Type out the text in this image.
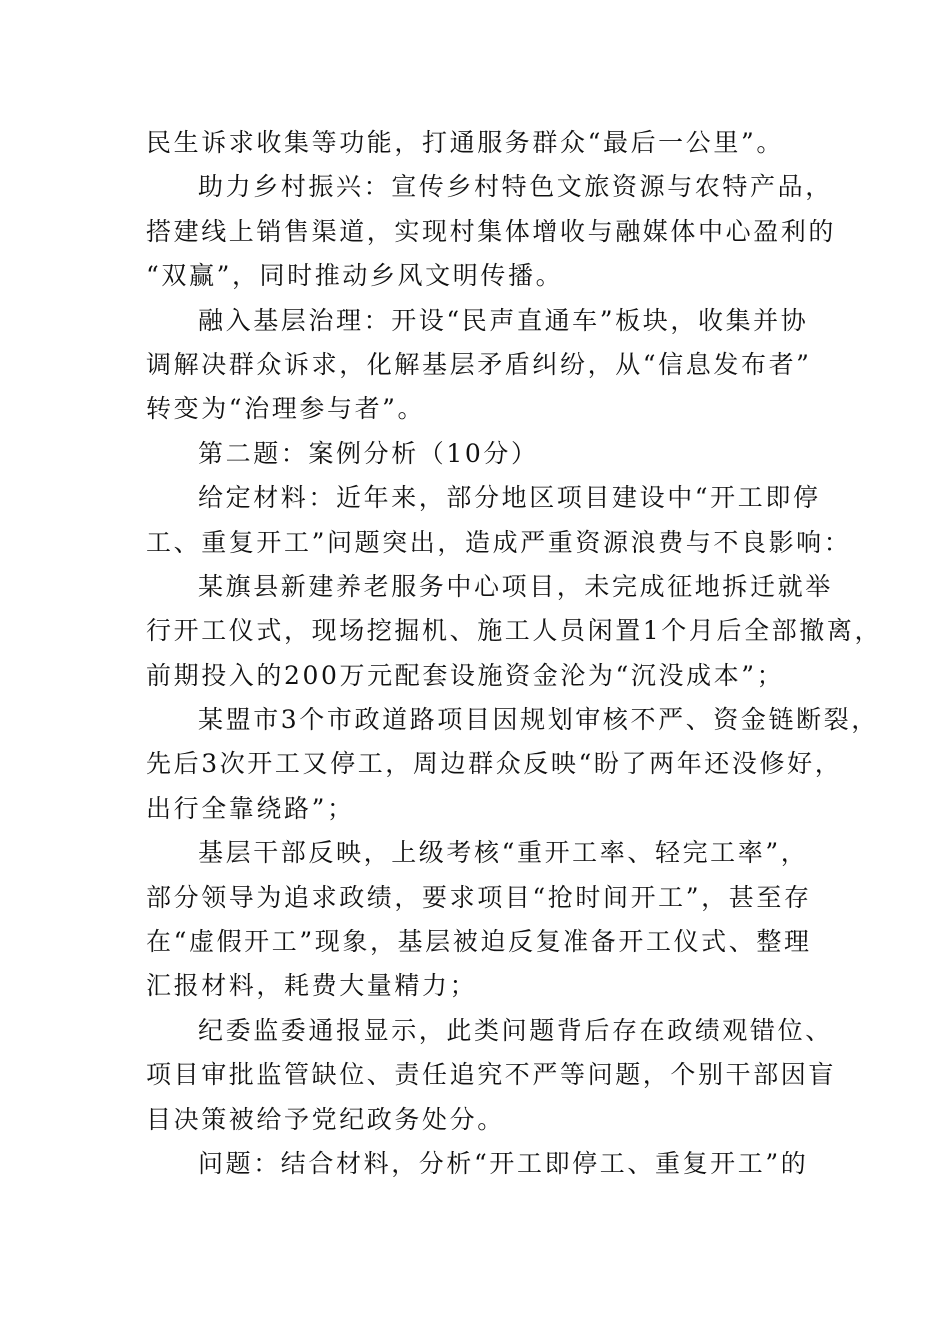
民生诉求收集等功能，打通服务群众“最后一公里”。
助力乡村振兴：宣传乡村特色文旅资源与农特产品，
搭建线上销售渠道，实现村集体增收与融媒体中心盈利的
“双赢”，同时推动乡风文明传播。
融入基层治理：开设“民声直通车”板块，收集并协
调解决群众诉求，化解基层矛盾纠纷，从“信息发布者”
转变为“治理参与者”。
第二题：案例分析（10分）
给定材料：近年来，部分地区项目建设中“开工即停
工、重复开工”问题突出，造成严重资源浪费与不良影响：
某旗县新建养老服务中心项目，未完成征地拆迁就举
行开工仪式，现场挖掘机、施工人员闲置1个月后全部撤离，
前期投入的200万元配套设施资金沦为“沉没成本”；
某盟市3个市政道路项目因规划审核不严、资金链断裂，
先后3次开工又停工，周边群众反映“盼了两年还没修好，
出行全靠绕路”；
基层干部反映，上级考核“重开工率、轻完工率”，
部分领导为追求政绩，要求项目“抢时间开工”，甚至存
在“虚假开工”现象，基层被迫反复准备开工仪式、整理
汇报材料，耗费大量精力；
纪委监委通报显示，此类问题背后存在政绩观错位、
项目审批监管缺位、责任追究不严等问题，个别干部因盲
目决策被给予党纪政务处分。
问题：结合材料，分析“开工即停工、重复开工”的
